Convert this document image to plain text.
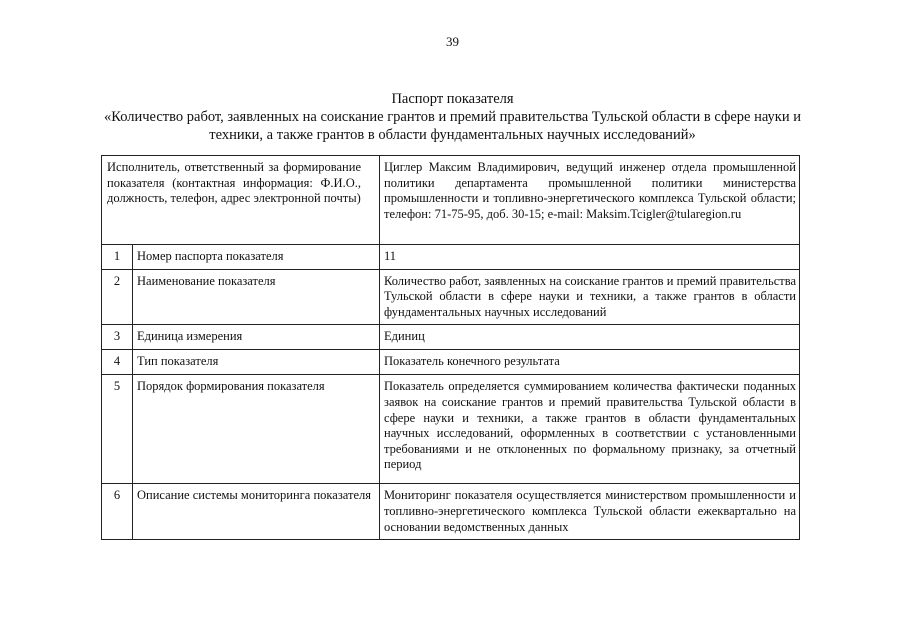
39
Паспорт показателя
«Количество работ, заявленных на соискание грантов и премий правительства Тульской области в сфере науки и
техники, а также грантов в области фундаментальных научных исследований»
Исполнитель, ответственный за формирование показателя (контактная информация: Ф.И.О., должность, телефон, адрес электронной почты)		Циглер Максим Владимирович, ведущий инженер отдела промышленной политики департамента промышленной политики министерства промышленности и топливно-энергетического комплекса Тульской области; телефон: 71-75-95, доб. 30-15; e-mail: Maksim.Tcigler@tularegion.ru
1	Номер паспорта показателя	11
2	Наименование показателя	Количество работ, заявленных на соискание грантов и премий правительства Тульской области в сфере науки и техники, а также грантов в области фундаментальных научных исследований
3	Единица измерения	Единиц
4	Тип показателя	Показатель конечного результата
5	Порядок формирования показателя	Показатель определяется суммированием количества фактически поданных заявок на соискание грантов и премий правительства Тульской области в сфере науки и техники, а также грантов в области фундаментальных научных исследований, оформленных в соответствии с установленными требованиями и не отклоненных по формальному признаку, за отчетный период
6	Описание системы мониторинга показателя	Мониторинг показателя осуществляется министерством промышленности и топливно-энергетического комплекса Тульской области ежеквартально на основании ведомственных данных
